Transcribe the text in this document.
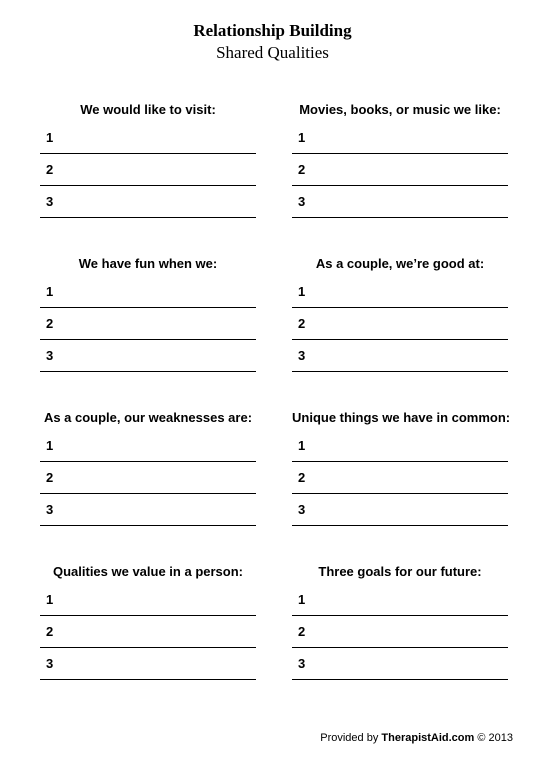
Relationship Building
Shared Qualities
We would like to visit:
1
2
3
Movies, books, or music we like:
1
2
3
We have fun when we:
1
2
3
As a couple, we’re good at:
1
2
3
As a couple, our weaknesses are:
1
2
3
Unique things we have in common:
1
2
3
Qualities we value in a person:
1
2
3
Three goals for our future:
1
2
3
Provided by TherapistAid.com © 2013
